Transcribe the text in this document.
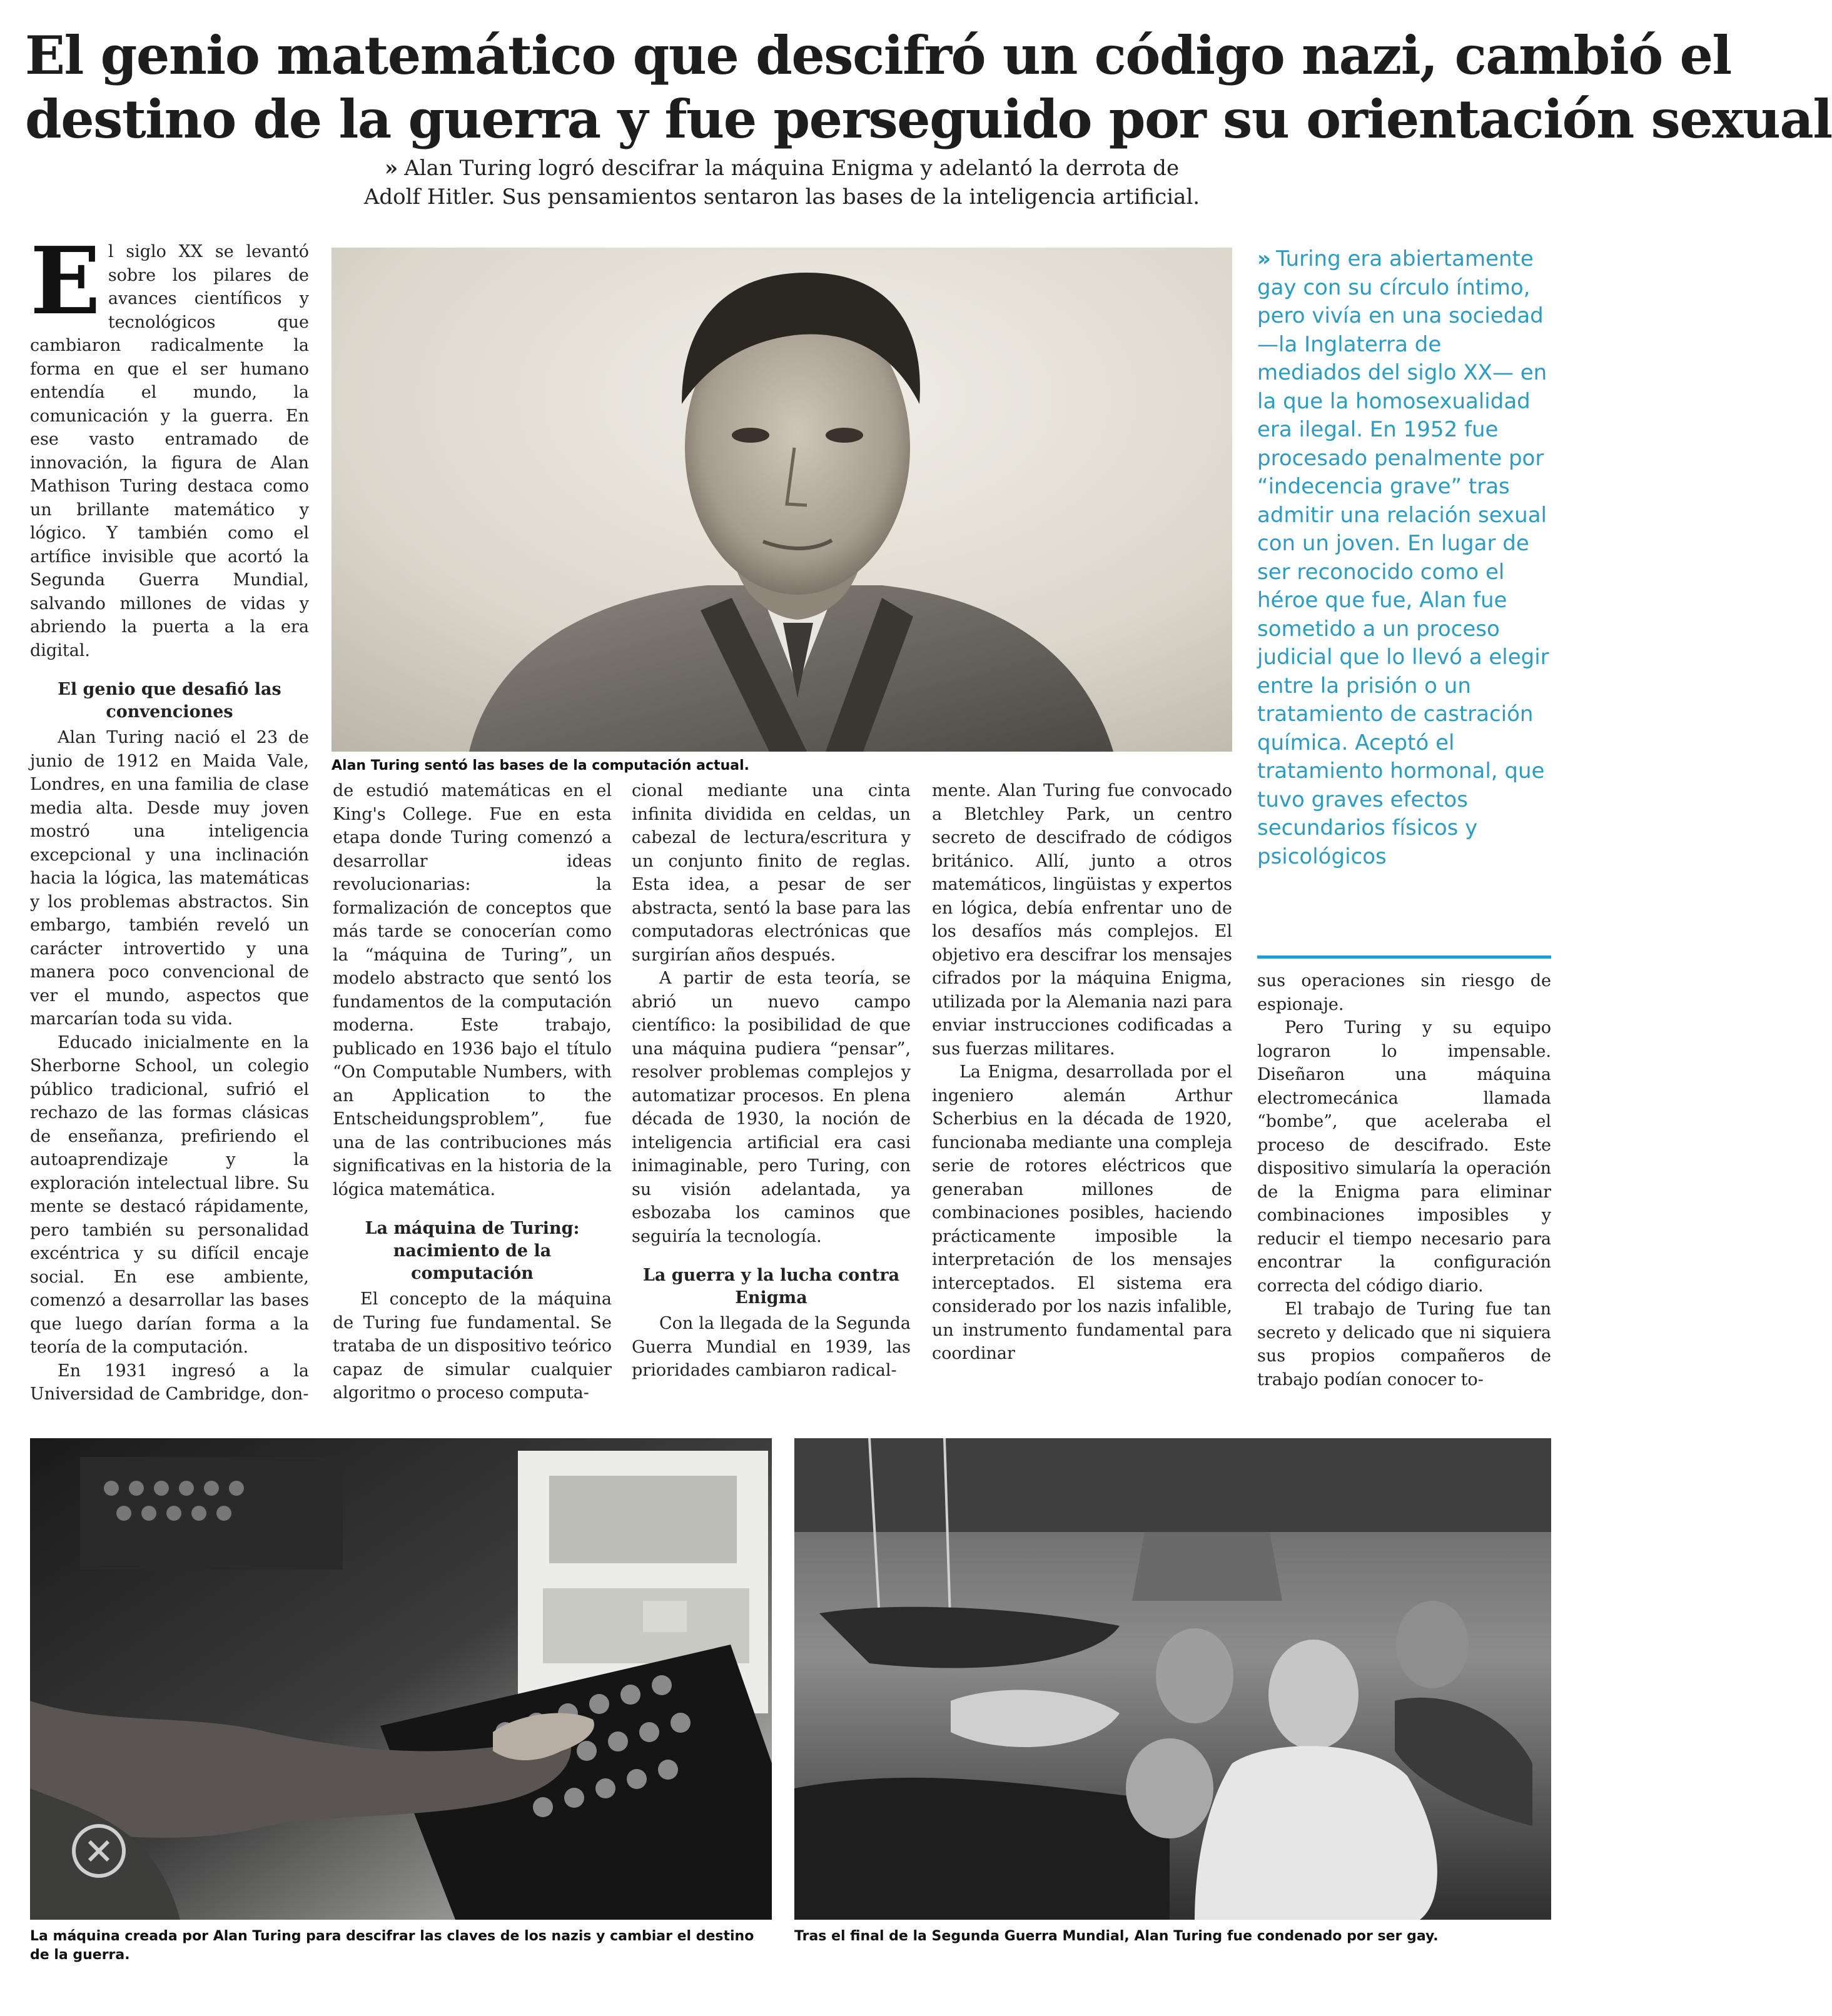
El genio matemático que descifró un código nazi, cambió el
destino de la guerra y fue perseguido por su orientación sexual
» Alan Turing logró descifrar la máquina Enigma y adelantó la derrota de
Adolf Hitler. Sus pensamientos sentaron las bases de la inteligencia artificial.

El siglo XX se levantó sobre los pilares de avances científicos y tecnológicos que cambiaron radicalmente la forma en que el ser humano entendía el mundo, la comunicación y la guerra. En ese vasto entramado de innovación, la figura de Alan Mathison Turing destaca como un brillante matemático y lógico. Y también como el artífice invisible que acortó la Segunda Guerra Mundial, salvando millones de vidas y abriendo la puerta a la era digital.

El genio que desafió las convenciones

Alan Turing nació el 23 de junio de 1912 en Maida Vale, Londres, en una familia de clase media alta. Desde muy joven mostró una inteligencia excepcional y una inclinación hacia la lógica, las matemáticas y los problemas abstractos. Sin embargo, también reveló un carácter introvertido y una manera poco convencional de ver el mundo, aspectos que marcarían toda su vida.

Educado inicialmente en la Sherborne School, un colegio público tradicional, sufrió el rechazo de las formas clásicas de enseñanza, prefiriendo el autoaprendizaje y la exploración intelectual libre. Su mente se destacó rápidamente, pero también su personalidad excéntrica y su difícil encaje social. En ese ambiente, comenzó a desarrollar las bases que luego darían forma a la teoría de la computación.

En 1931 ingresó a la Universidad de Cambridge, don-

Alan Turing sentó las bases de la computación actual.

de estudió matemáticas en el King's College. Fue en esta etapa donde Turing comenzó a desarrollar ideas revolucionarias: la formalización de conceptos que más tarde se conocerían como la “máquina de Turing”, un modelo abstracto que sentó los fundamentos de la computación moderna. Este trabajo, publicado en 1936 bajo el título “On Computable Numbers, with an Application to the Entscheidungsproblem”, fue una de las contribuciones más significativas en la historia de la lógica matemática.

La máquina de Turing: nacimiento de la computación

El concepto de la máquina de Turing fue fundamental. Se trataba de un dispositivo teórico capaz de simular cualquier algoritmo o proceso computa-

cional mediante una cinta infinita dividida en celdas, un cabezal de lectura/escritura y un conjunto finito de reglas. Esta idea, a pesar de ser abstracta, sentó la base para las computadoras electrónicas que surgirían años después.

A partir de esta teoría, se abrió un nuevo campo científico: la posibilidad de que una máquina pudiera “pensar”, resolver problemas complejos y automatizar procesos. En plena década de 1930, la noción de inteligencia artificial era casi inimaginable, pero Turing, con su visión adelantada, ya esbozaba los caminos que seguiría la tecnología.

La guerra y la lucha contra Enigma

Con la llegada de la Segunda Guerra Mundial en 1939, las prioridades cambiaron radical-

mente. Alan Turing fue convocado a Bletchley Park, un centro secreto de descifrado de códigos británico. Allí, junto a otros matemáticos, lingüistas y expertos en lógica, debía enfrentar uno de los desafíos más complejos. El objetivo era descifrar los mensajes cifrados por la máquina Enigma, utilizada por la Alemania nazi para enviar instrucciones codificadas a sus fuerzas militares.

La Enigma, desarrollada por el ingeniero alemán Arthur Scherbius en la década de 1920, funcionaba mediante una compleja serie de rotores eléctricos que generaban millones de combinaciones posibles, haciendo prácticamente imposible la interpretación de los mensajes interceptados. El sistema era considerado por los nazis infalible, un instrumento fundamental para coordinar

» Turing era abiertamente gay con su círculo íntimo, pero vivía en una sociedad —la Inglaterra de mediados del siglo XX— en la que la homosexualidad era ilegal. En 1952 fue procesado penalmente por “indecencia grave” tras admitir una relación sexual con un joven. En lugar de ser reconocido como el héroe que fue, Alan fue sometido a un proceso judicial que lo llevó a elegir entre la prisión o un tratamiento de castración química. Aceptó el tratamiento hormonal, que tuvo graves efectos secundarios físicos y psicológicos

sus operaciones sin riesgo de espionaje.

Pero Turing y su equipo lograron lo impensable. Diseñaron una máquina electromecánica llamada “bombe”, que aceleraba el proceso de descifrado. Este dispositivo simularía la operación de la Enigma para eliminar combinaciones imposibles y reducir el tiempo necesario para encontrar la configuración correcta del código diario.

El trabajo de Turing fue tan secreto y delicado que ni siquiera sus propios compañeros de trabajo podían conocer to-

La máquina creada por Alan Turing para descifrar las claves de los nazis y cambiar el destino de la guerra.

Tras el final de la Segunda Guerra Mundial, Alan Turing fue condenado por ser gay.
